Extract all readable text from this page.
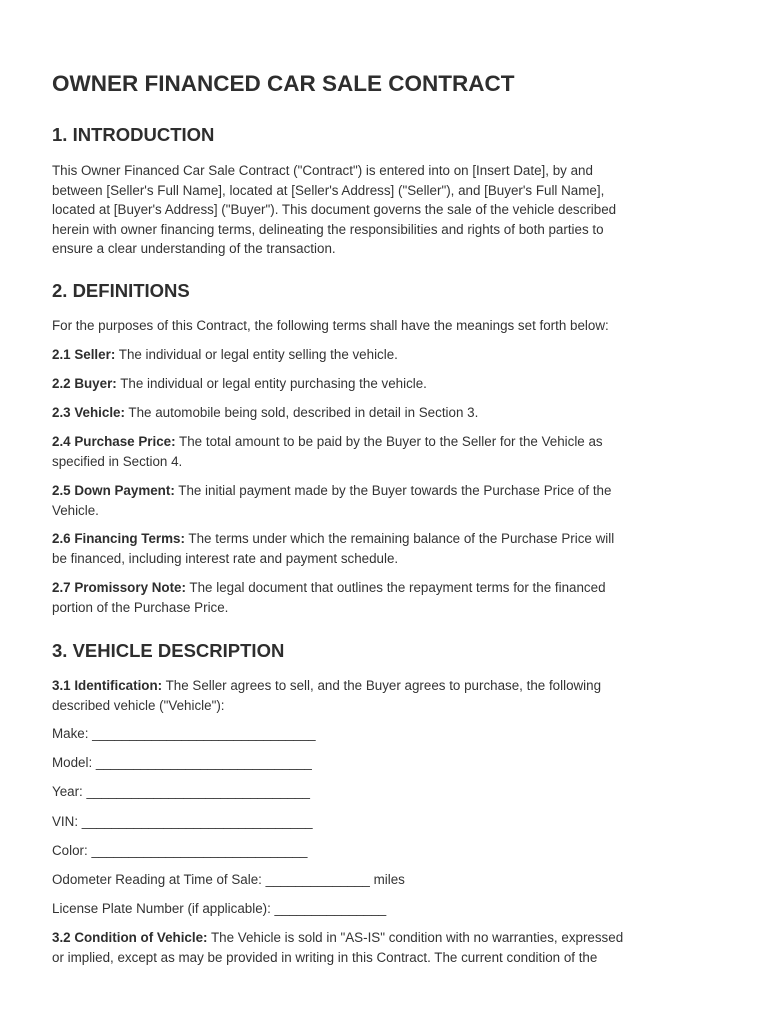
OWNER FINANCED CAR SALE CONTRACT
1. INTRODUCTION

This Owner Financed Car Sale Contract ("Contract") is entered into on [Insert Date], by and
between [Seller's Full Name], located at [Seller's Address] ("Seller"), and [Buyer's Full Name],
located at [Buyer's Address] ("Buyer"). This document governs the sale of the vehicle described
herein with owner financing terms, delineating the responsibilities and rights of both parties to
ensure a clear understanding of the transaction.

2. DEFINITIONS

For the purposes of this Contract, the following terms shall have the meanings set forth below:

2.1 Seller: The individual or legal entity selling the vehicle.

2.2 Buyer: The individual or legal entity purchasing the vehicle.

2.3 Vehicle: The automobile being sold, described in detail in Section 3.

2.4 Purchase Price: The total amount to be paid by the Buyer to the Seller for the Vehicle as
specified in Section 4.

2.5 Down Payment: The initial payment made by the Buyer towards the Purchase Price of the
Vehicle.

2.6 Financing Terms: The terms under which the remaining balance of the Purchase Price will
be financed, including interest rate and payment schedule.

2.7 Promissory Note: The legal document that outlines the repayment terms for the financed
portion of the Purchase Price.

3. VEHICLE DESCRIPTION

3.1 Identification: The Seller agrees to sell, and the Buyer agrees to purchase, the following
described vehicle ("Vehicle"):

Make: ______________________________

Model: _____________________________

Year: ______________________________

VIN: _______________________________

Color: _____________________________

Odometer Reading at Time of Sale: ______________ miles

License Plate Number (if applicable): _______________

3.2 Condition of Vehicle: The Vehicle is sold in "AS-IS" condition with no warranties, expressed
or implied, except as may be provided in writing in this Contract. The current condition of the
